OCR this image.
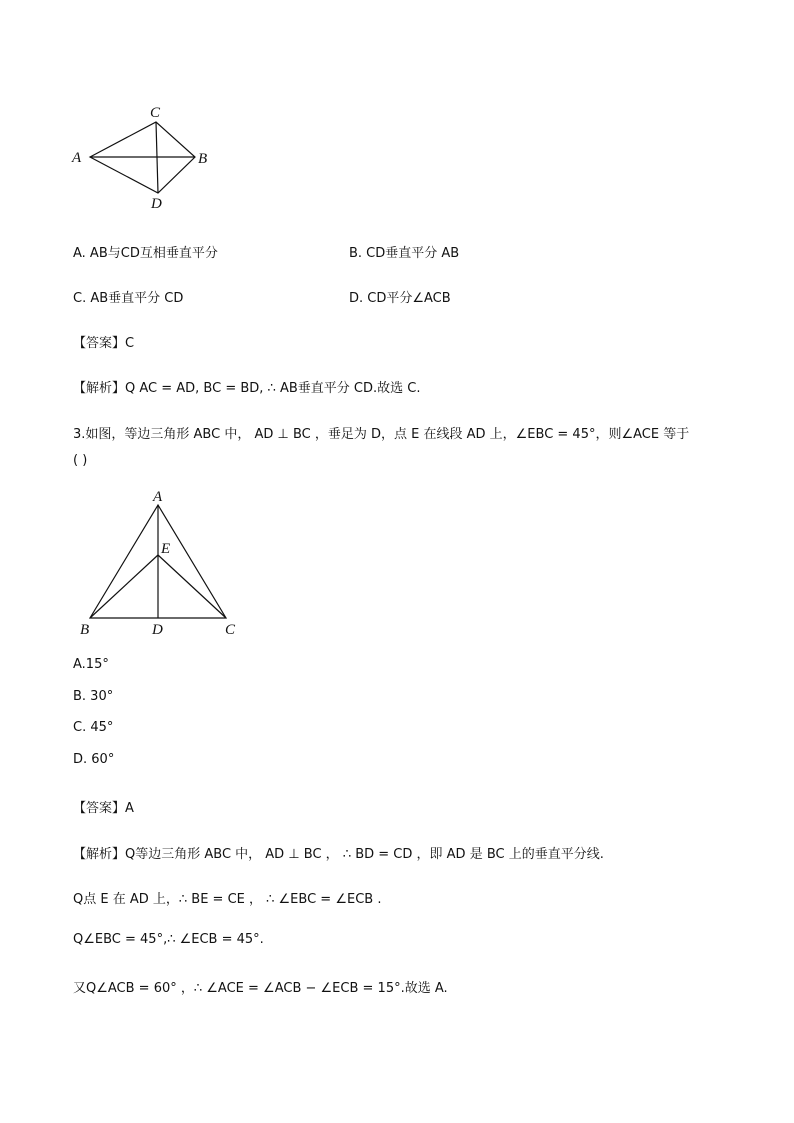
A
C
B
D
A. AB与CD互相垂直平分	B. CD垂直平分 AB
C. AB垂直平分 CD	D. CD平分∠ACB
【答案】C
【解析】Q AC = AD, BC = BD, ∴ AB垂直平分 CD.故选 C.
3.如图，等边三角形 ABC 中， AD ⊥ BC ，垂足为 D，点 E 在线段 AD 上，∠EBC = 45°，则∠ACE 等于
( )
A
E
B	D	C
A.15°
B. 30°
C. 45°
D. 60°
【答案】A
【解析】Q等边三角形 ABC 中， AD ⊥ BC ， ∴ BD = CD ，即 AD 是 BC 上的垂直平分线.
Q点 E 在 AD 上，∴ BE = CE ， ∴ ∠EBC = ∠ECB .
Q∠EBC = 45°,∴ ∠ECB = 45°.
又Q∠ACB = 60° ，∴ ∠ACE = ∠ACB − ∠ECB = 15°.故选 A.
